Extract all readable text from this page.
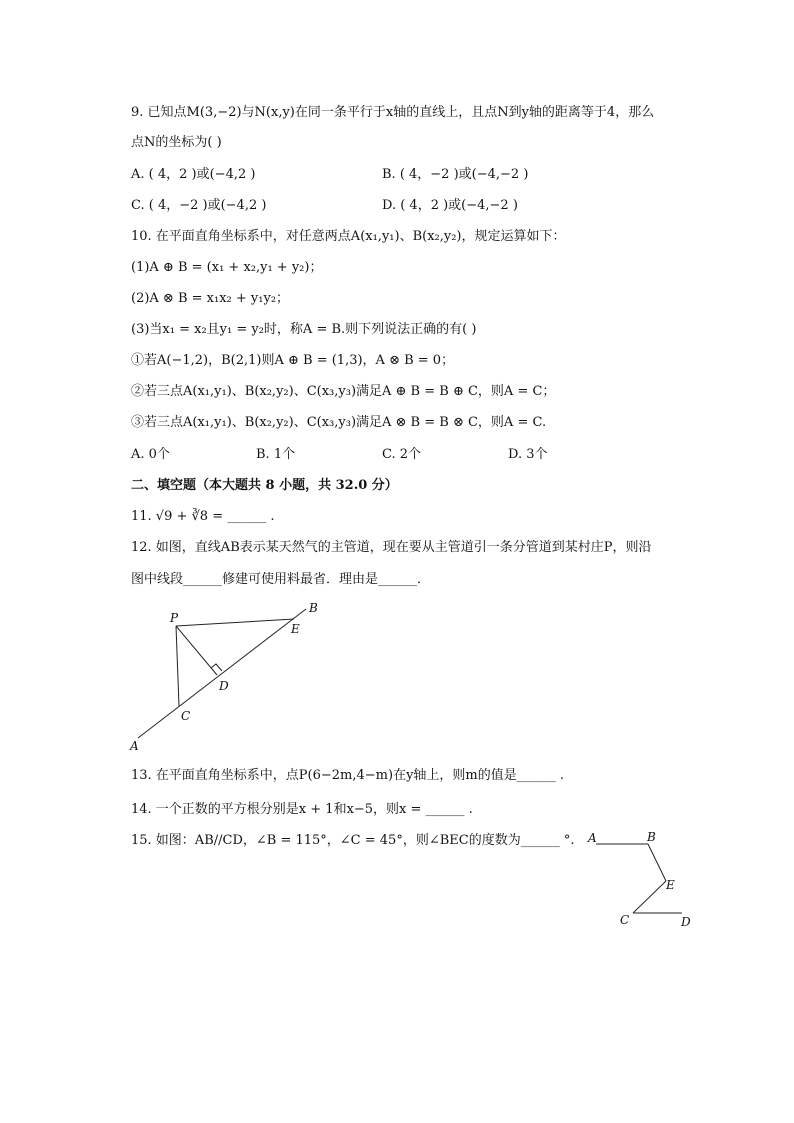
9. 已知点M(3,−2)与N(x,y)在同一条平行于x轴的直线上，且点N到y轴的距离等于4，那么
点N的坐标为( )
A. ( 4，2 )或(−4,2 )	B. ( 4，−2 )或(−4,−2 )
C. ( 4，−2 )或(−4,2 )	D. ( 4，2 )或(−4,−2 )
10. 在平面直角坐标系中，对任意两点A(x₁,y₁)、B(x₂,y₂)，规定运算如下：
(1)A ⊕ B = (x₁ + x₂,y₁ + y₂)；
(2)A ⊗ B = x₁x₂ + y₁y₂；
(3)当x₁ = x₂且y₁ = y₂时，称A = B.则下列说法正确的有( )
①若A(−1,2)，B(2,1)则A ⊕ B = (1,3)，A ⊗ B = 0；
②若三点A(x₁,y₁)、B(x₂,y₂)、C(x₃,y₃)满足A ⊕ B = B ⊕ C，则A = C；
③若三点A(x₁,y₁)、B(x₂,y₂)、C(x₃,y₃)满足A ⊗ B = B ⊗ C，则A = C.
A. 0个	B. 1个	C. 2个	D. 3个
二、填空题（本大题共 8 小题，共 32.0 分）
11. √9 + ∛8 = ______ .
12. 如图，直线AB表示某天然气的主管道，现在要从主管道引一条分管道到某村庄P，则沿
图中线段______修建可使用料最省．理由是______．
P
B
E
D
C
A
13. 在平面直角坐标系中，点P(6−2m,4−m)在y轴上，则m的值是______ .
14. 一个正数的平方根分别是x + 1和x−5，则x = ______ .
15. 如图：AB//CD，∠B = 115°，∠C = 45°，则∠BEC的度数为______ °. A	B
E
C	D
